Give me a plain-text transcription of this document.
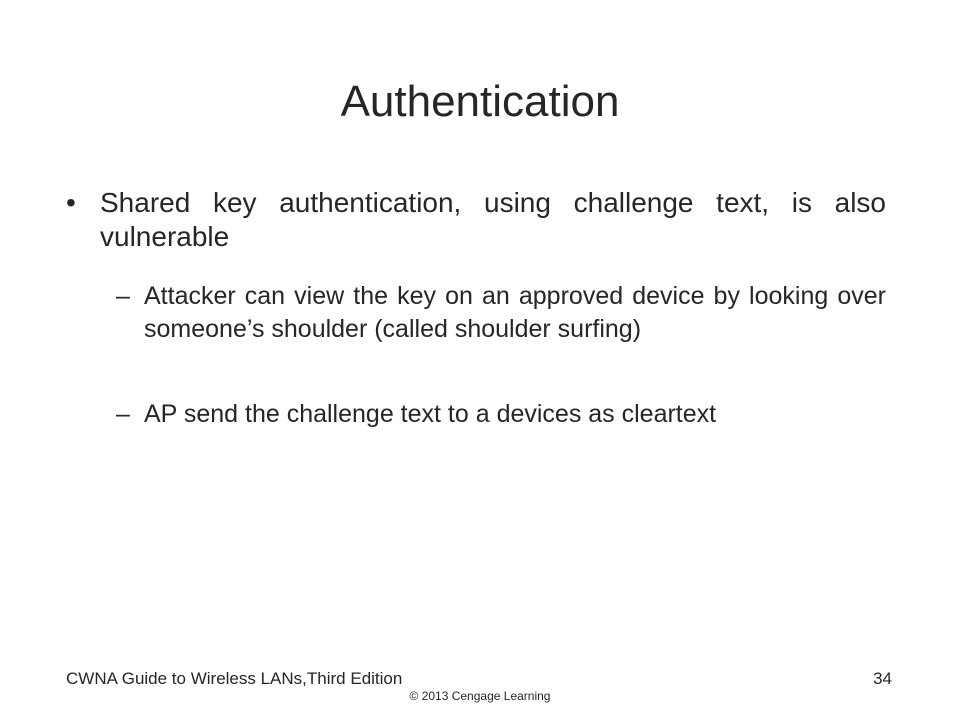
Authentication
• Shared key authentication, using challenge text, is also vulnerable
– Attacker can view the key on an approved device by looking over someone’s shoulder (called shoulder surfing)
– AP send the challenge text to a devices as cleartext
CWNA Guide to Wireless LANs,Third Edition	34
© 2013 Cengage Learning
